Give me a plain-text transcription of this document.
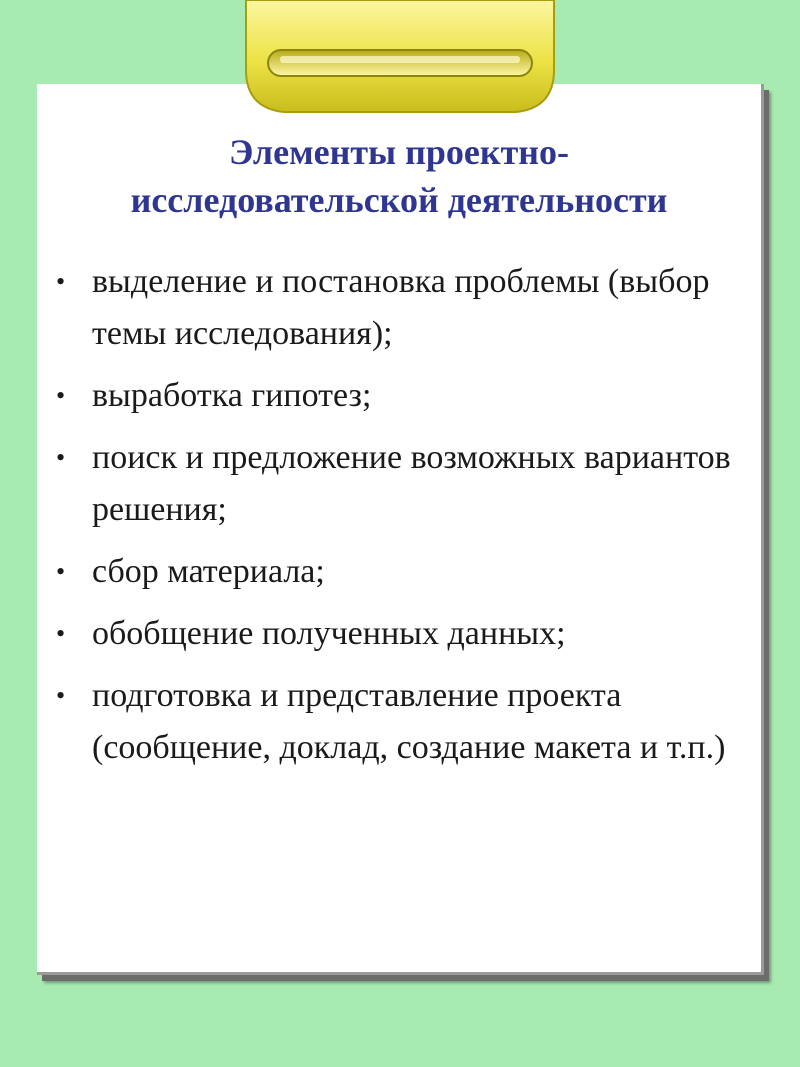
Элементы проектно-
исследовательской деятельности
• выделение и постановка проблемы (выбор темы исследования);
• выработка гипотез;
• поиск и предложение возможных вариантов решения;
• сбор материала;
• обобщение полученных данных;
• подготовка и представление проекта (сообщение, доклад, создание макета и т.п.)
